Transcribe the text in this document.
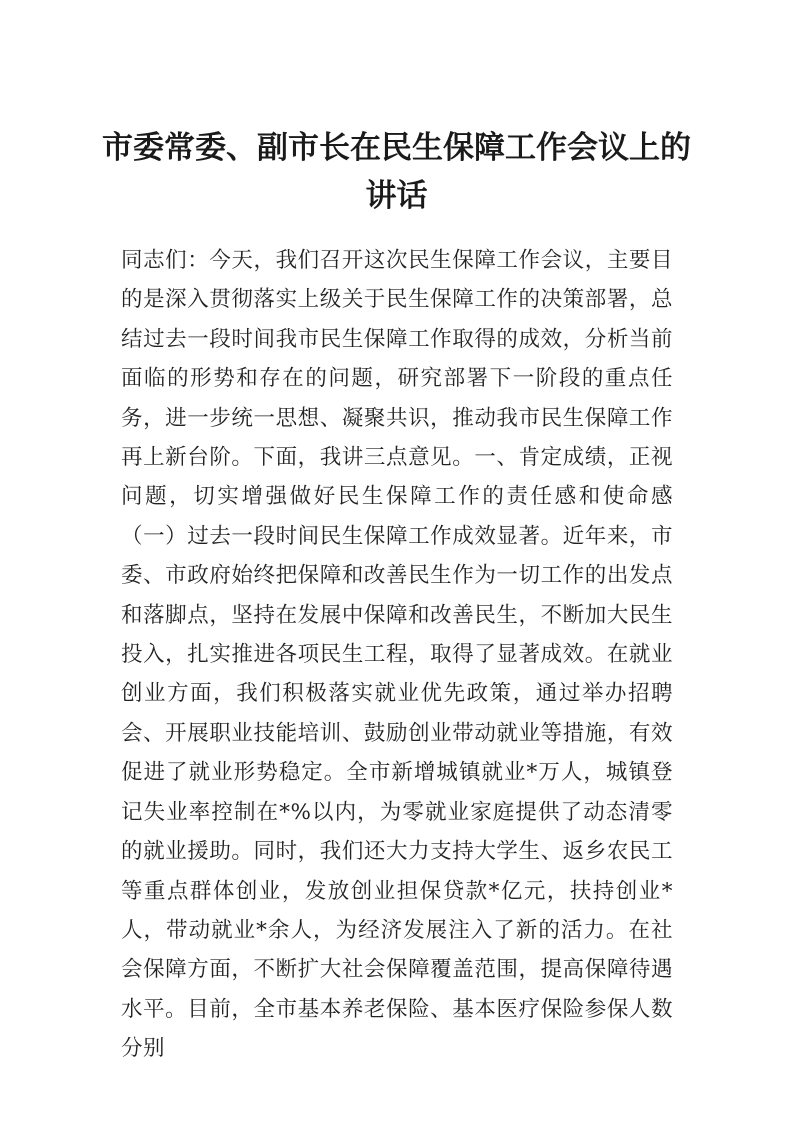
市委常委、副市长在民生保障工作会议上的讲话

同志们：今天，我们召开这次民生保障工作会议，主要目的是深入贯彻落实上级关于民生保障工作的决策部署，总结过去一段时间我市民生保障工作取得的成效，分析当前面临的形势和存在的问题，研究部署下一阶段的重点任务，进一步统一思想、凝聚共识，推动我市民生保障工作再上新台阶。下面，我讲三点意见。一、肯定成绩，正视问题，切实增强做好民生保障工作的责任感和使命感（一）过去一段时间民生保障工作成效显著。近年来，市委、市政府始终把保障和改善民生作为一切工作的出发点和落脚点，坚持在发展中保障和改善民生，不断加大民生投入，扎实推进各项民生工程，取得了显著成效。在就业创业方面，我们积极落实就业优先政策，通过举办招聘会、开展职业技能培训、鼓励创业带动就业等措施，有效促进了就业形势稳定。全市新增城镇就业*万人，城镇登记失业率控制在*%以内，为零就业家庭提供了动态清零的就业援助。同时，我们还大力支持大学生、返乡农民工等重点群体创业，发放创业担保贷款*亿元，扶持创业*人，带动就业*余人，为经济发展注入了新的活力。在社会保障方面，不断扩大社会保障覆盖范围，提高保障待遇水平。目前，全市基本养老保险、基本医疗保险参保人数分别
